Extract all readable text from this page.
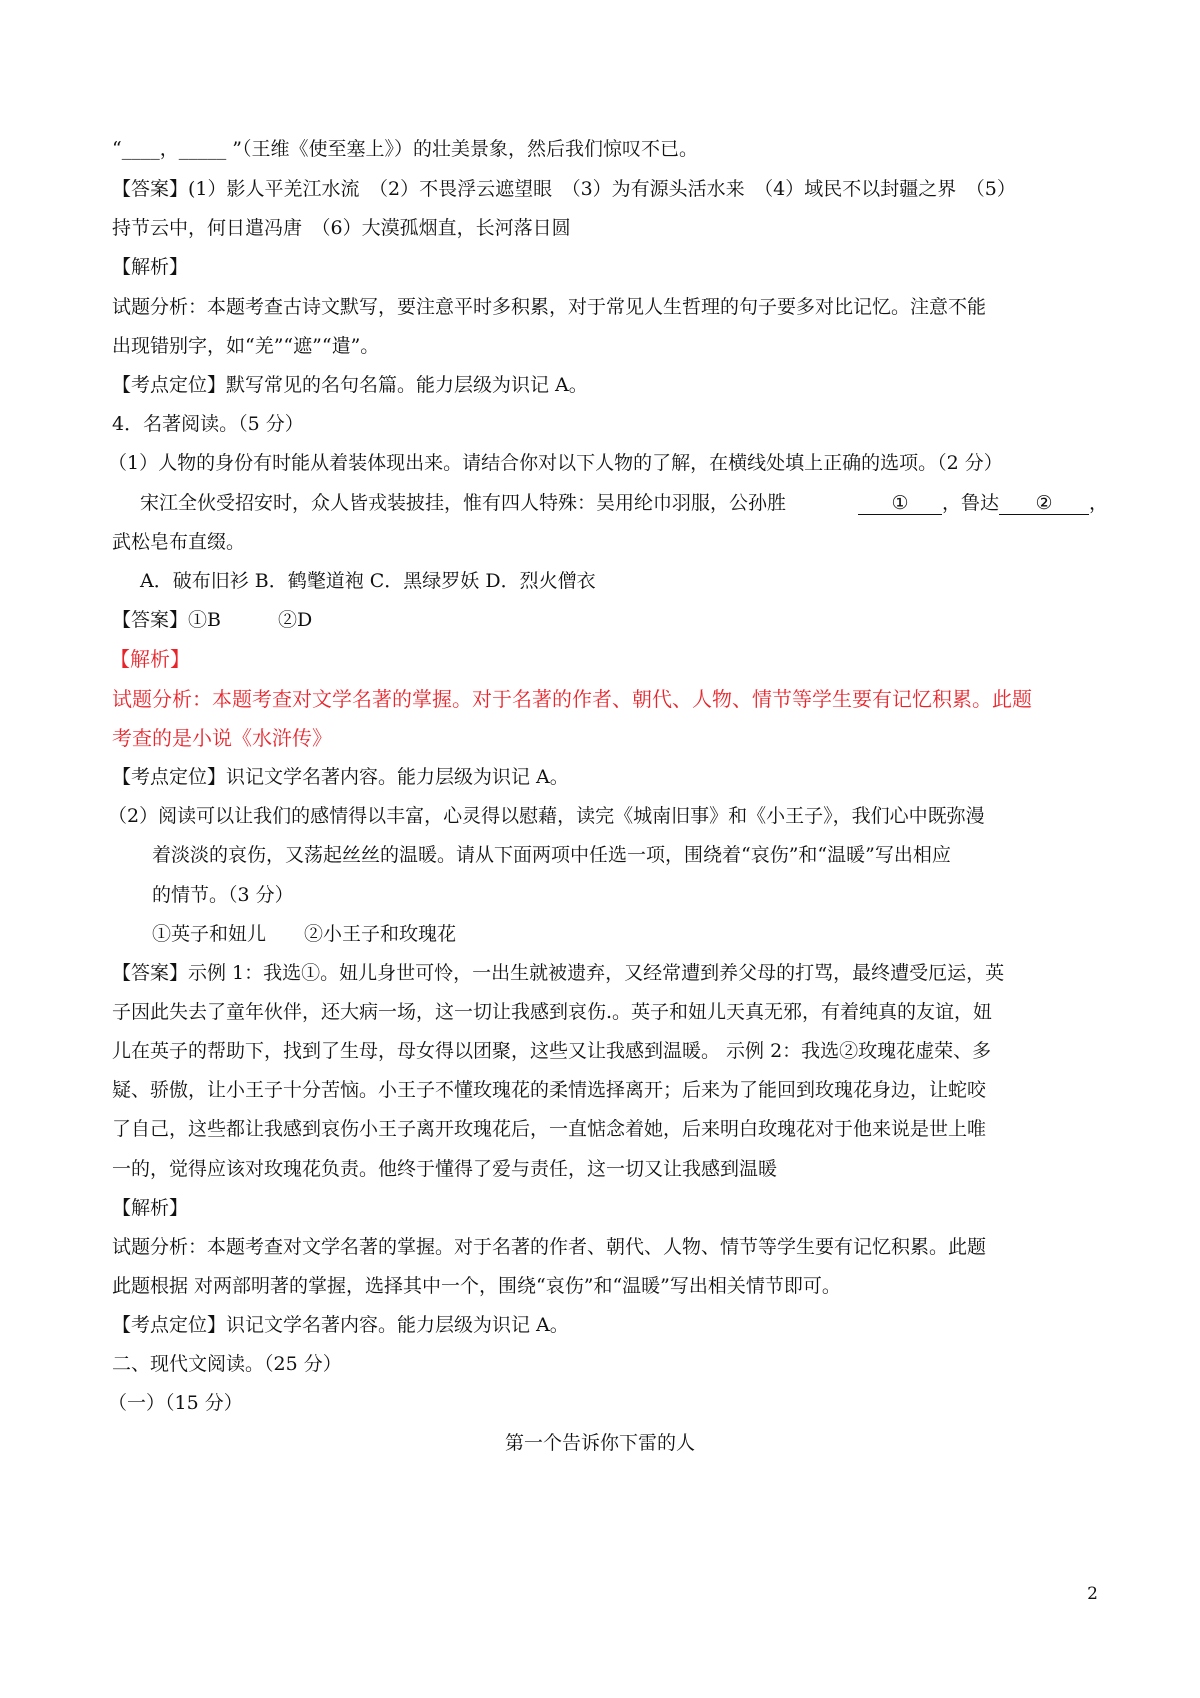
“____，_____ ”（王维《使至塞上》）的壮美景象，然后我们惊叹不已。
【答案】(1）影人平羌江水流　（2）不畏浮云遮望眼　（3）为有源头活水来　（4）域民不以封疆之界　（5）
持节云中，何日遣冯唐　（6）大漠孤烟直，长河落日圆
【解析】
试题分析：本题考查古诗文默写，要注意平时多积累，对于常见人生哲理的句子要多对比记忆。注意不能
出现错别字，如“羌”“遮”“遣”。
【考点定位】默写常见的名句名篇。能力层级为识记 A。
4．名著阅读。（5 分）
（1）人物的身份有时能从着装体现出来。请结合你对以下人物的了解，在横线处填上正确的选项。（2 分）
宋江全伙受招安时，众人皆戎装披挂，惟有四人特殊：吴用纶巾羽服，公孙胜
武松皂布直缀。
A．破布旧衫 B．鹤氅道袍 C．黑绿罗妖 D．烈火僧衣
【答案】①B　　　②D
【考点定位】识记文学名著内容。能力层级为识记 A。
（2）阅读可以让我们的感情得以丰富，心灵得以慰藉，读完《城南旧事》和《小王子》，我们心中既弥漫
着淡淡的哀伤，又荡起丝丝的温暖。请从下面两项中任选一项，围绕着“哀伤”和“温暖”写出相应
的情节。（3 分）
①英子和妞儿　　②小王子和玫瑰花
【答案】示例 1：我选①。妞儿身世可怜，一出生就被遗弃，又经常遭到养父母的打骂，最终遭受厄运，英
子因此失去了童年伙伴，还大病一场，这一切让我感到哀伤.。英子和妞儿天真无邪，有着纯真的友谊，妞
儿在英子的帮助下，找到了生母，母女得以团聚，这些又让我感到温暖。 示例 2：我选②玫瑰花虚荣、多
疑、骄傲，让小王子十分苦恼。小王子不懂玫瑰花的柔情选择离开；后来为了能回到玫瑰花身边，让蛇咬
了自己，这些都让我感到哀伤小王子离开玫瑰花后，一直惦念着她，后来明白玫瑰花对于他来说是世上唯
一的，觉得应该对玫瑰花负责。他终于懂得了爱与责任，这一切又让我感到温暖
【解析】
试题分析：本题考查对文学名著的掌握。对于名著的作者、朝代、人物、情节等学生要有记忆积累。此题
此题根据 对两部明著的掌握，选择其中一个，围绕“哀伤”和“温暖”写出相关情节即可。
【考点定位】识记文学名著内容。能力层级为识记 A。
二、现代文阅读。（25 分）
（一）（15 分）
① ，鲁达 ② ，
【解析】
试题分析：本题考查对文学名著的掌握。对于名著的作者、朝代、人物、情节等学生要有记忆积累。此题
考查的是小说《水浒传》
第一个告诉你下雷的人
2
